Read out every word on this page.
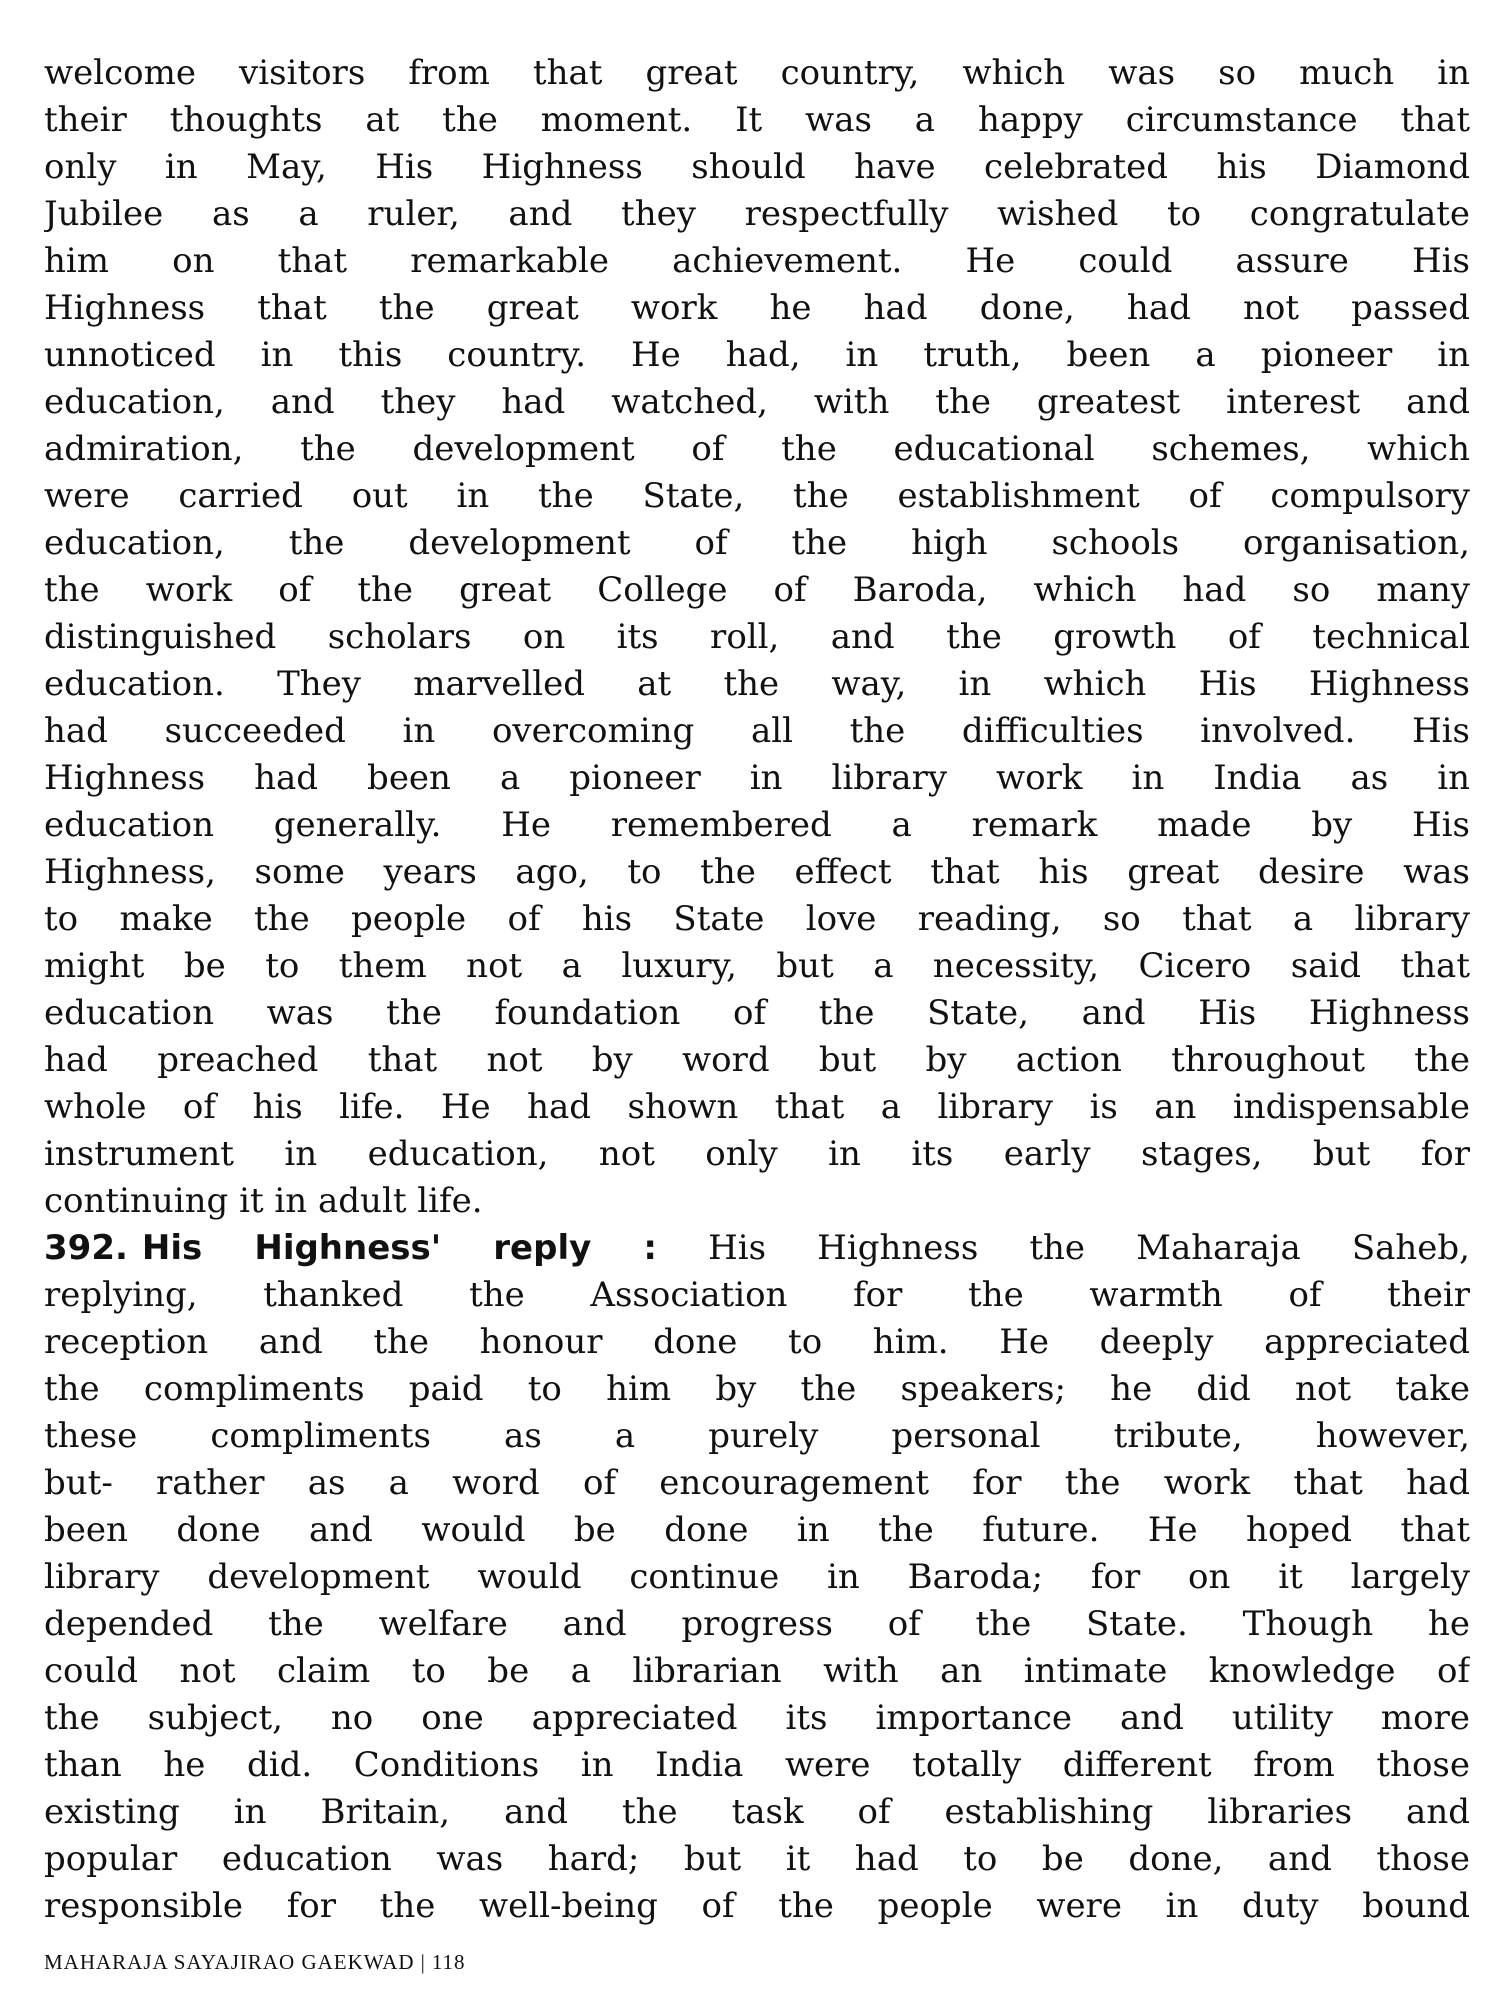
welcome visitors from that great country, which was so much in
their thoughts at the moment. It was a happy circumstance that
only in May, His Highness should have celebrated his Diamond
Jubilee as a ruler, and they respectfully wished to congratulate
him on that remarkable achievement. He could assure His
Highness that the great work he had done, had not passed
unnoticed in this country. He had, in truth, been a pioneer in
education, and they had watched, with the greatest interest and
admiration, the development of the educational schemes, which
were carried out in the State, the establishment of compulsory
education, the development of the high schools organisation,
the work of the great College of Baroda, which had so many
distinguished scholars on its roll, and the growth of technical
education. They marvelled at the way, in which His Highness
had succeeded in overcoming all the difficulties involved. His
Highness had been a pioneer in library work in India as in
education generally. He remembered a remark made by His
Highness, some years ago, to the effect that his great desire was
to make the people of his State love reading, so that a library
might be to them not a luxury, but a necessity, Cicero said that
education was the foundation of the State, and His Highness
had preached that not by word but by action throughout the
whole of his life. He had shown that a library is an indispensable
instrument in education, not only in its early stages, but for
continuing it in adult life.
392. His Highness' reply : His Highness the Maharaja Saheb,
replying, thanked the Association for the warmth of their
reception and the honour done to him. He deeply appreciated
the compliments paid to him by the speakers; he did not take
these compliments as a purely personal tribute, however,
but- rather as a word of encouragement for the work that had
been done and would be done in the future. He hoped that
library development would continue in Baroda; for on it largely
depended the welfare and progress of the State. Though he
could not claim to be a librarian with an intimate knowledge of
the subject, no one appreciated its importance and utility more
than he did. Conditions in India were totally different from those
existing in Britain, and the task of establishing libraries and
popular education was hard; but it had to be done, and those
responsible for the well-being of the people were in duty bound
MAHARAJA SAYAJIRAO GAEKWAD | 118
